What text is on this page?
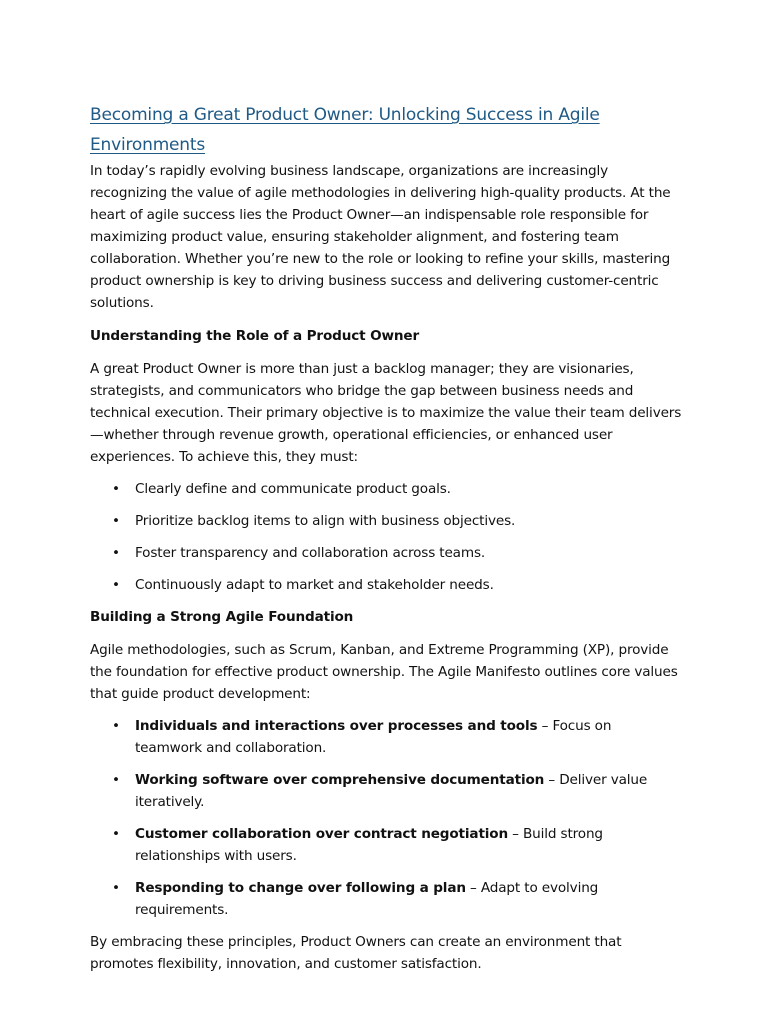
Becoming a Great Product Owner: Unlocking Success in Agile Environments

In today’s rapidly evolving business landscape, organizations are increasingly recognizing the value of agile methodologies in delivering high-quality products. At the heart of agile success lies the Product Owner—an indispensable role responsible for maximizing product value, ensuring stakeholder alignment, and fostering team collaboration. Whether you’re new to the role or looking to refine your skills, mastering product ownership is key to driving business success and delivering customer-centric solutions.

Understanding the Role of a Product Owner

A great Product Owner is more than just a backlog manager; they are visionaries, strategists, and communicators who bridge the gap between business needs and technical execution. Their primary objective is to maximize the value their team delivers—whether through revenue growth, operational efficiencies, or enhanced user experiences. To achieve this, they must:

• Clearly define and communicate product goals.
• Prioritize backlog items to align with business objectives.
• Foster transparency and collaboration across teams.
• Continuously adapt to market and stakeholder needs.

Building a Strong Agile Foundation

Agile methodologies, such as Scrum, Kanban, and Extreme Programming (XP), provide the foundation for effective product ownership. The Agile Manifesto outlines core values that guide product development:

• Individuals and interactions over processes and tools – Focus on teamwork and collaboration.
• Working software over comprehensive documentation – Deliver value iteratively.
• Customer collaboration over contract negotiation – Build strong relationships with users.
• Responding to change over following a plan – Adapt to evolving requirements.

By embracing these principles, Product Owners can create an environment that promotes flexibility, innovation, and customer satisfaction.
